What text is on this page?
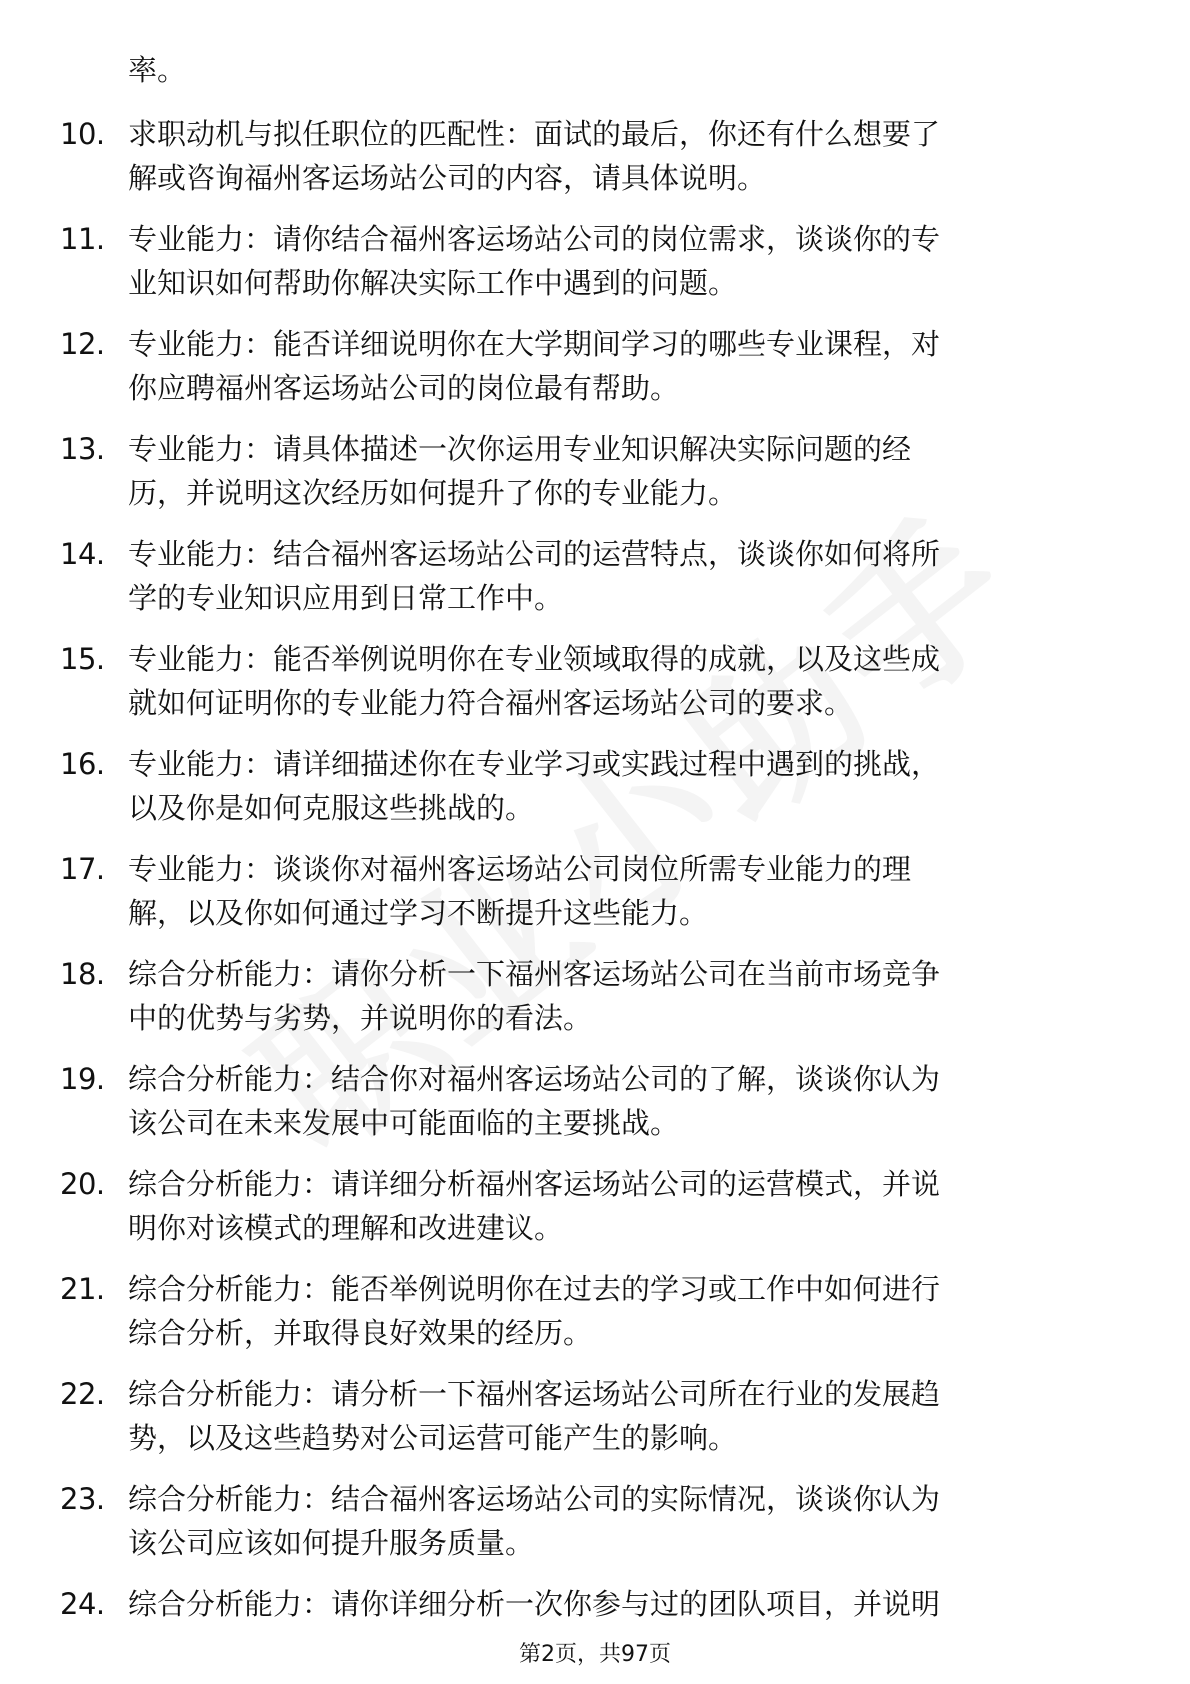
率。
10. 求职动机与拟任职位的匹配性：面试的最后，你还有什么想要了
解或咨询福州客运场站公司的内容，请具体说明。
11. 专业能力：请你结合福州客运场站公司的岗位需求，谈谈你的专
业知识如何帮助你解决实际工作中遇到的问题。
12. 专业能力：能否详细说明你在大学期间学习的哪些专业课程，对
你应聘福州客运场站公司的岗位最有帮助。
13. 专业能力：请具体描述一次你运用专业知识解决实际问题的经
历，并说明这次经历如何提升了你的专业能力。
14. 专业能力：结合福州客运场站公司的运营特点，谈谈你如何将所
学的专业知识应用到日常工作中。
15. 专业能力：能否举例说明你在专业领域取得的成就，以及这些成
就如何证明你的专业能力符合福州客运场站公司的要求。
16. 专业能力：请详细描述你在专业学习或实践过程中遇到的挑战，
以及你是如何克服这些挑战的。
17. 专业能力：谈谈你对福州客运场站公司岗位所需专业能力的理
解，以及你如何通过学习不断提升这些能力。
18. 综合分析能力：请你分析一下福州客运场站公司在当前市场竞争
中的优势与劣势，并说明你的看法。
19. 综合分析能力：结合你对福州客运场站公司的了解，谈谈你认为
该公司在未来发展中可能面临的主要挑战。
20. 综合分析能力：请详细分析福州客运场站公司的运营模式，并说
明你对该模式的理解和改进建议。
21. 综合分析能力：能否举例说明你在过去的学习或工作中如何进行
综合分析，并取得良好效果的经历。
22. 综合分析能力：请分析一下福州客运场站公司所在行业的发展趋
势，以及这些趋势对公司运营可能产生的影响。
23. 综合分析能力：结合福州客运场站公司的实际情况，谈谈你认为
该公司应该如何提升服务质量。
24. 综合分析能力：请你详细分析一次你参与过的团队项目，并说明
第2页，共97页
